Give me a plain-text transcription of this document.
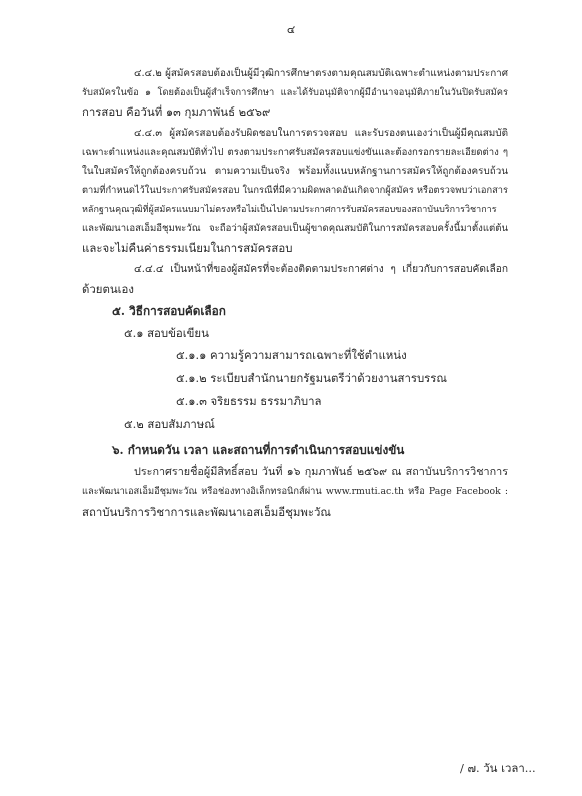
๔
๔.๔.๒ ผู้สมัครสอบต้องเป็นผู้มีวุฒิการศึกษาตรงตามคุณสมบัติเฉพาะตำแหน่งตามประกาศ
รับสมัครในข้อ ๑ โดยต้องเป็นผู้สำเร็จการศึกษา และได้รับอนุมัติจากผู้มีอำนาจอนุมัติภายในวันปิดรับสมัคร
การสอบ คือวันที่ ๑๓ กุมภาพันธ์ ๒๕๖๙
๔.๔.๓ ผู้สมัครสอบต้องรับผิดชอบในการตรวจสอบ และรับรองตนเองว่าเป็นผู้มีคุณสมบัติ
เฉพาะตำแหน่งและคุณสมบัติทั่วไป ตรงตามประกาศรับสมัครสอบแข่งขันและต้องกรอกรายละเอียดต่าง ๆ
ในใบสมัครให้ถูกต้องครบถ้วน ตามความเป็นจริง พร้อมทั้งแนบหลักฐานการสมัครให้ถูกต้องครบถ้วน
ตามที่กำหนดไว้ในประกาศรับสมัครสอบ ในกรณีที่มีความผิดพลาดอันเกิดจากผู้สมัคร หรือตรวจพบว่าเอกสาร
หลักฐานคุณวุฒิที่ผู้สมัครแนบมาไม่ตรงหรือไม่เป็นไปตามประกาศการรับสมัครสอบของสถาบันบริการวิชาการ
และพัฒนาเอสเอ็มอีชุมพะวัณ จะถือว่าผู้สมัครสอบเป็นผู้ขาดคุณสมบัติในการสมัครสอบครั้งนี้มาตั้งแต่ต้น
และจะไม่คืนค่าธรรมเนียมในการสมัครสอบ
๔.๔.๔ เป็นหน้าที่ของผู้สมัครที่จะต้องติดตามประกาศต่าง ๆ เกี่ยวกับการสอบคัดเลือก
ด้วยตนเอง
๕. วิธีการสอบคัดเลือก
๕.๑ สอบข้อเขียน
๕.๑.๑ ความรู้ความสามารถเฉพาะที่ใช้ตำแหน่ง
๕.๑.๒ ระเบียบสำนักนายกรัฐมนตรีว่าด้วยงานสารบรรณ
๕.๑.๓ จริยธรรม ธรรมาภิบาล
๕.๒ สอบสัมภาษณ์
๖. กำหนดวัน เวลา และสถานที่การดำเนินการสอบแข่งขัน
ประกาศรายชื่อผู้มีสิทธิ์สอบ วันที่ ๑๖ กุมภาพันธ์ ๒๕๖๙ ณ สถาบันบริการวิชาการ
และพัฒนาเอสเอ็มอีชุมพะวัณ หรือช่องทางอิเล็กทรอนิกส์ผ่าน www.rmuti.ac.th หรือ Page Facebook :
สถาบันบริการวิชาการและพัฒนาเอสเอ็มอีชุมพะวัณ
/ ๗. วัน เวลา...
